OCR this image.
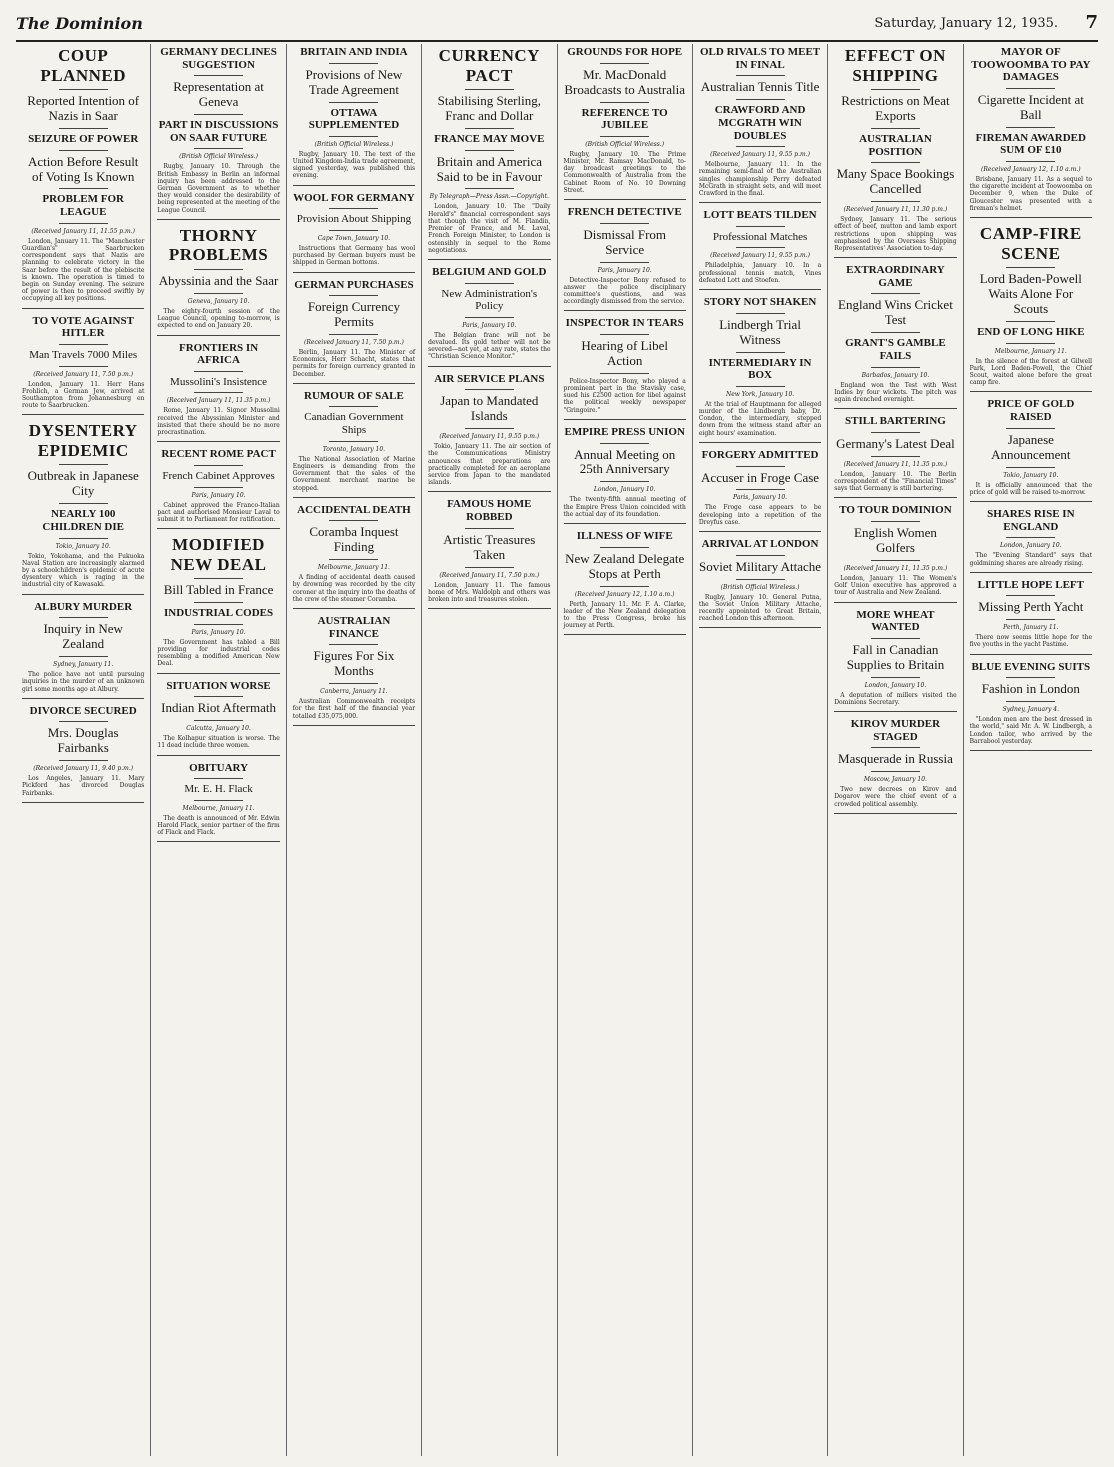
The Dominion	Saturday, January 12, 1935. 7
COUP PLANNED
Reported Intention of Nazis in Saar
SEIZURE OF POWER
Action Before Result of Voting Is Known
PROBLEM FOR LEAGUE
(Received January 11, 11.55 p.m.)

London, January 11. The "Manchester Guardian's" Saarbrucken correspondent says that Nazis are planning to celebrate victory in the Saar before the result of the plebiscite is known. The operation is timed to begin on Sunday evening. The seizure of power is then to proceed swiftly by occupying all key positions.

TO VOTE AGAINST HITLER
Man Travels 7000 Miles
(Received January 11, 7.50 p.m.)

London, January 11. Herr Hans Frohlich, a German Jew, arrived at Southampton from Johannesburg en route to Saarbrucken.

DYSENTERY EPIDEMIC
Outbreak in Japanese City
NEARLY 100 CHILDREN DIE
Tokio, January 10.

Tokio, Yokohama, and the Fukuoka Naval Station are increasingly alarmed by a schoolchildren's epidemic of acute dysentery which is raging in the industrial city of Kawasaki.

ALBURY MURDER
Inquiry in New Zealand
Sydney, January 11.

The police have not until pursuing inquiries in the murder of an unknown girl some months ago at Albury.

DIVORCE SECURED
Mrs. Douglas Fairbanks
(Received January 11, 9.40 p.m.)

Los Angeles, January 11. Mary Pickford has divorced Douglas Fairbanks.

GERMANY DECLINES SUGGESTION
Representation at Geneva
PART IN DISCUSSIONS ON SAAR FUTURE
(British Official Wireless.)

Rugby, January 10. Through the British Embassy in Berlin an informal inquiry has been addressed to the German Government as to whether they would consider the desirability of being represented at the meeting of the League Council.

THORNY PROBLEMS
Abyssinia and the Saar
Geneva, January 10.

The eighty-fourth session of the League Council, opening to-morrow, is expected to end on January 20.

FRONTIERS IN AFRICA
Mussolini's Insistence
(Received January 11, 11.35 p.m.)

Rome, January 11. Signor Mussolini received the Abyssinian Minister and insisted that there should be no more procrastination.

RECENT ROME PACT
French Cabinet Approves
Paris, January 10.

Cabinet approved the Franco-Italian pact and authorised Monsieur Laval to submit it to Parliament for ratification.

MODIFIED NEW DEAL
Bill Tabled in France
INDUSTRIAL CODES
Paris, January 10.

The Government has tabled a Bill providing for industrial codes resembling a modified American New Deal.

SITUATION WORSE
Indian Riot Aftermath
Calcutta, January 10.

The Kolhapur situation is worse. The 11 dead include three women.

OBITUARY
Mr. E. H. Flack
Melbourne, January 11.

The death is announced of Mr. Edwin Harold Flack, senior partner of the firm of Flack and Flack.

BRITAIN AND INDIA
Provisions of New Trade Agreement
OTTAWA SUPPLEMENTED
(British Official Wireless.)

Rugby, January 10. The text of the United Kingdom-India trade agreement, signed yesterday, was published this evening.

WOOL FOR GERMANY
Provision About Shipping
Cape Town, January 10.

Instructions that Germany has wool purchased by German buyers must be shipped in German bottoms.

GERMAN PURCHASES
Foreign Currency Permits
(Received January 11, 7.50 p.m.)

Berlin, January 11. The Minister of Economics, Herr Schacht, states that permits for foreign currency granted in December.

RUMOUR OF SALE
Canadian Government Ships
Toronto, January 10.

The National Association of Marine Engineers is demanding from the Government that the sales of the Government merchant marine be stopped.

ACCIDENTAL DEATH
Coramba Inquest Finding
Melbourne, January 11.

A finding of accidental death caused by drowning was recorded by the city coroner at the inquiry into the deaths of the crew of the steamer Coramba.

AUSTRALIAN FINANCE
Figures For Six Months
Canberra, January 11.

Australian Commonwealth receipts for the first half of the financial year totalled £35,075,000.

CURRENCY PACT
Stabilising Sterling, Franc and Dollar
FRANCE MAY MOVE
Britain and America Said to be in Favour
By Telegraph—Press Assn.—Copyright.

London, January 10. The "Daily Herald's" financial correspondent says that though the visit of M. Flandin, Premier of France, and M. Laval, French Foreign Minister, to London is ostensibly in sequel to the Rome negotiations.

BELGIUM AND GOLD
New Administration's Policy
Paris, January 10.

The Belgian franc will not be devalued. Its gold tether will not be severed—not yet, at any rate, states the "Christian Science Monitor."

AIR SERVICE PLANS
Japan to Mandated Islands
(Received January 11, 9.55 p.m.)

Tokio, January 11. The air section of the Communications Ministry announces that preparations are practically completed for an aeroplane service from Japan to the mandated islands.

FAMOUS HOME ROBBED
Artistic Treasures Taken
(Received January 11, 7.50 p.m.)

London, January 11. The famous home of Mrs. Waldolph and others was broken into and treasures stolen.

GROUNDS FOR HOPE
Mr. MacDonald Broadcasts to Australia
REFERENCE TO JUBILEE
(British Official Wireless.)

Rugby, January 10. The Prime Minister, Mr. Ramsay MacDonald, to-day broadcast greetings to the Commonwealth of Australia from the Cabinet Room of No. 10 Downing Street.

FRENCH DETECTIVE
Dismissal From Service
Paris, January 10.

Detective-Inspector Bony refused to answer the police disciplinary committee's questions, and was accordingly dismissed from the service.

INSPECTOR IN TEARS
Hearing of Libel Action

Police-Inspector Bony, who played a prominent part in the Stavisky case, sued his £2500 action for libel against the political weekly newspaper "Gringoire."

EMPIRE PRESS UNION
Annual Meeting on 25th Anniversary
London, January 10.

The twenty-fifth annual meeting of the Empire Press Union coincided with the actual day of its foundation.

ILLNESS OF WIFE
New Zealand Delegate Stops at Perth
(Received January 12, 1.10 a.m.)

Perth, January 11. Mr. F. A. Clarke, leader of the New Zealand delegation to the Press Congress, broke his journey at Perth.

OLD RIVALS TO MEET IN FINAL
Australian Tennis Title
CRAWFORD AND MCGRATH WIN DOUBLES
(Received January 11, 9.55 p.m.)

Melbourne, January 11. In the remaining semi-final of the Australian singles championship Perry defeated McGrath in straight sets, and will meet Crawford in the final.

LOTT BEATS TILDEN
Professional Matches
(Received January 11, 9.55 p.m.)

Philadelphia, January 10. In a professional tennis match, Vines defeated Lott and Stoefen.

STORY NOT SHAKEN
Lindbergh Trial Witness
INTERMEDIARY IN BOX
New York, January 10.

At the trial of Hauptmann for alleged murder of the Lindbergh baby, Dr. Condon, the intermediary, stepped down from the witness stand after an eight hours' examination.

FORGERY ADMITTED
Accuser in Froge Case
Paris, January 10.

The Froge case appears to be developing into a repetition of the Dreyfus case.

ARRIVAL AT LONDON
Soviet Military Attache
(British Official Wireless.)

Rugby, January 10. General Putna, the Soviet Union Military Attache, recently appointed to Great Britain, reached London this afternoon.

EFFECT ON SHIPPING
Restrictions on Meat Exports
AUSTRALIAN POSITION
Many Space Bookings Cancelled
(Received January 11, 11.30 p.m.)

Sydney, January 11. The serious effect of beef, mutton and lamb export restrictions upon shipping was emphasised by the Overseas Shipping Representatives' Association to-day.

EXTRAORDINARY GAME
England Wins Cricket Test
GRANT'S GAMBLE FAILS
Barbados, January 10.

England won the Test with West Indies by four wickets. The pitch was again drenched overnight.

STILL BARTERING
Germany's Latest Deal
(Received January 11, 11.35 p.m.)

London, January 10. The Berlin correspondent of the "Financial Times" says that Germany is still bartering.

TO TOUR DOMINION
English Women Golfers
(Received January 11, 11.35 p.m.)

London, January 11. The Women's Golf Union executive has approved a tour of Australia and New Zealand.

MORE WHEAT WANTED
Fall in Canadian Supplies to Britain
London, January 10.

A deputation of millers visited the Dominions Secretary.

KIROV MURDER STAGED
Masquerade in Russia
Moscow, January 10.

Two new decrees on Kirov and Dogarov were the chief event of a crowded political assembly.

MAYOR OF TOOWOOMBA TO PAY DAMAGES
Cigarette Incident at Ball
FIREMAN AWARDED SUM OF £10
(Received January 12, 1.10 a.m.)

Brisbane, January 11. As a sequel to the cigarette incident at Toowoomba on December 9, when the Duke of Gloucester was presented with a fireman's helmet.

CAMP-FIRE SCENE
Lord Baden-Powell Waits Alone For Scouts
END OF LONG HIKE
Melbourne, January 11.

In the silence of the forest at Gilwell Park, Lord Baden-Powell, the Chief Scout, waited alone before the great camp fire.

PRICE OF GOLD RAISED
Japanese Announcement
Tokio, January 10.

It is officially announced that the price of gold will be raised to-morrow.

SHARES RISE IN ENGLAND
London, January 10.

The "Evening Standard" says that goldmining shares are already rising.

LITTLE HOPE LEFT
Missing Perth Yacht
Perth, January 11.

There now seems little hope for the five youths in the yacht Pastime.

BLUE EVENING SUITS
Fashion in London
Sydney, January 4.

"London men are the best dressed in the world," said Mr. A. W. Lindbergh, a London tailor, who arrived by the Barrabool yesterday.
